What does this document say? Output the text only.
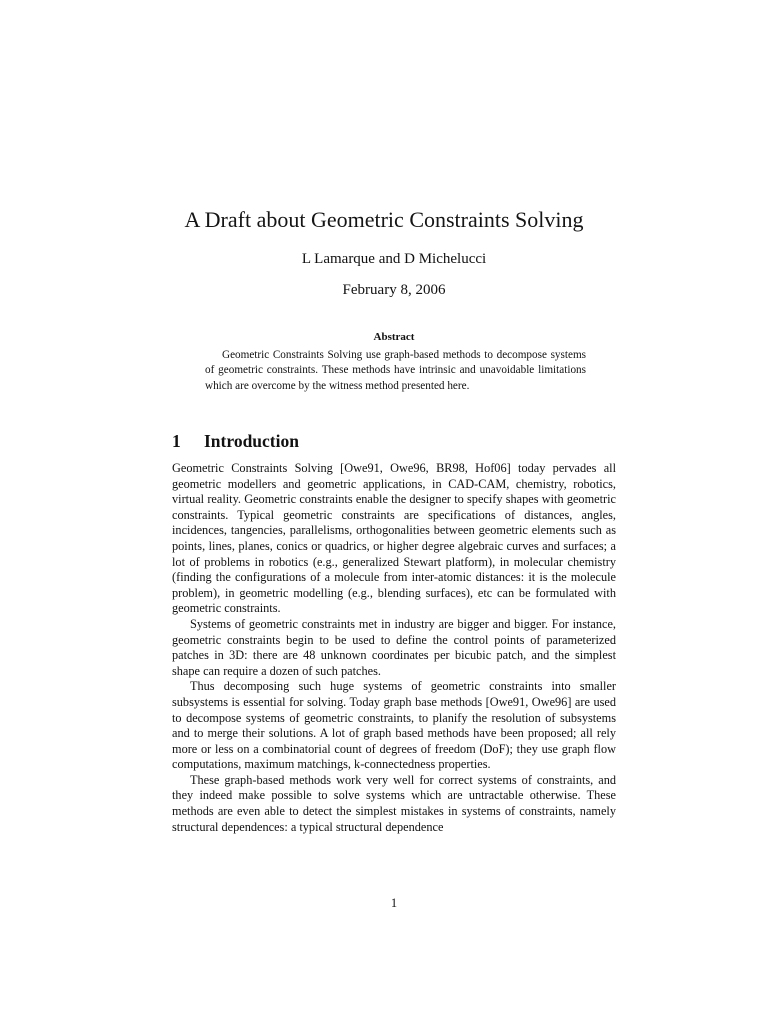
A Draft about Geometric Constraints Solving
L Lamarque and D Michelucci
February 8, 2006
Abstract
Geometric Constraints Solving use graph-based methods to decompose systems of geometric constraints. These methods have intrinsic and unavoidable limitations which are overcome by the witness method presented here.
1 Introduction

Geometric Constraints Solving [Owe91, Owe96, BR98, Hof06] today pervades all geometric modellers and geometric applications, in CAD-CAM, chemistry, robotics, virtual reality. Geometric constraints enable the designer to specify shapes with geometric constraints. Typical geometric constraints are specifications of distances, angles, incidences, tangencies, parallelisms, orthogonalities between geometric elements such as points, lines, planes, conics or quadrics, or higher degree algebraic curves and surfaces; a lot of problems in robotics (e.g., generalized Stewart platform), in molecular chemistry (finding the configurations of a molecule from inter-atomic distances: it is the molecule problem), in geometric modelling (e.g., blending surfaces), etc can be formulated with geometric constraints.

Systems of geometric constraints met in industry are bigger and bigger. For instance, geometric constraints begin to be used to define the control points of parameterized patches in 3D: there are 48 unknown coordinates per bicubic patch, and the simplest shape can require a dozen of such patches.

Thus decomposing such huge systems of geometric constraints into smaller subsystems is essential for solving. Today graph base methods [Owe91, Owe96] are used to decompose systems of geometric constraints, to planify the resolution of subsystems and to merge their solutions. A lot of graph based methods have been proposed; all rely more or less on a combinatorial count of degrees of freedom (DoF); they use graph flow computations, maximum matchings, k-connectedness properties.

These graph-based methods work very well for correct systems of constraints, and they indeed make possible to solve systems which are untractable otherwise. These methods are even able to detect the simplest mistakes in systems of constraints, namely structural dependences: a typical structural dependence

1
